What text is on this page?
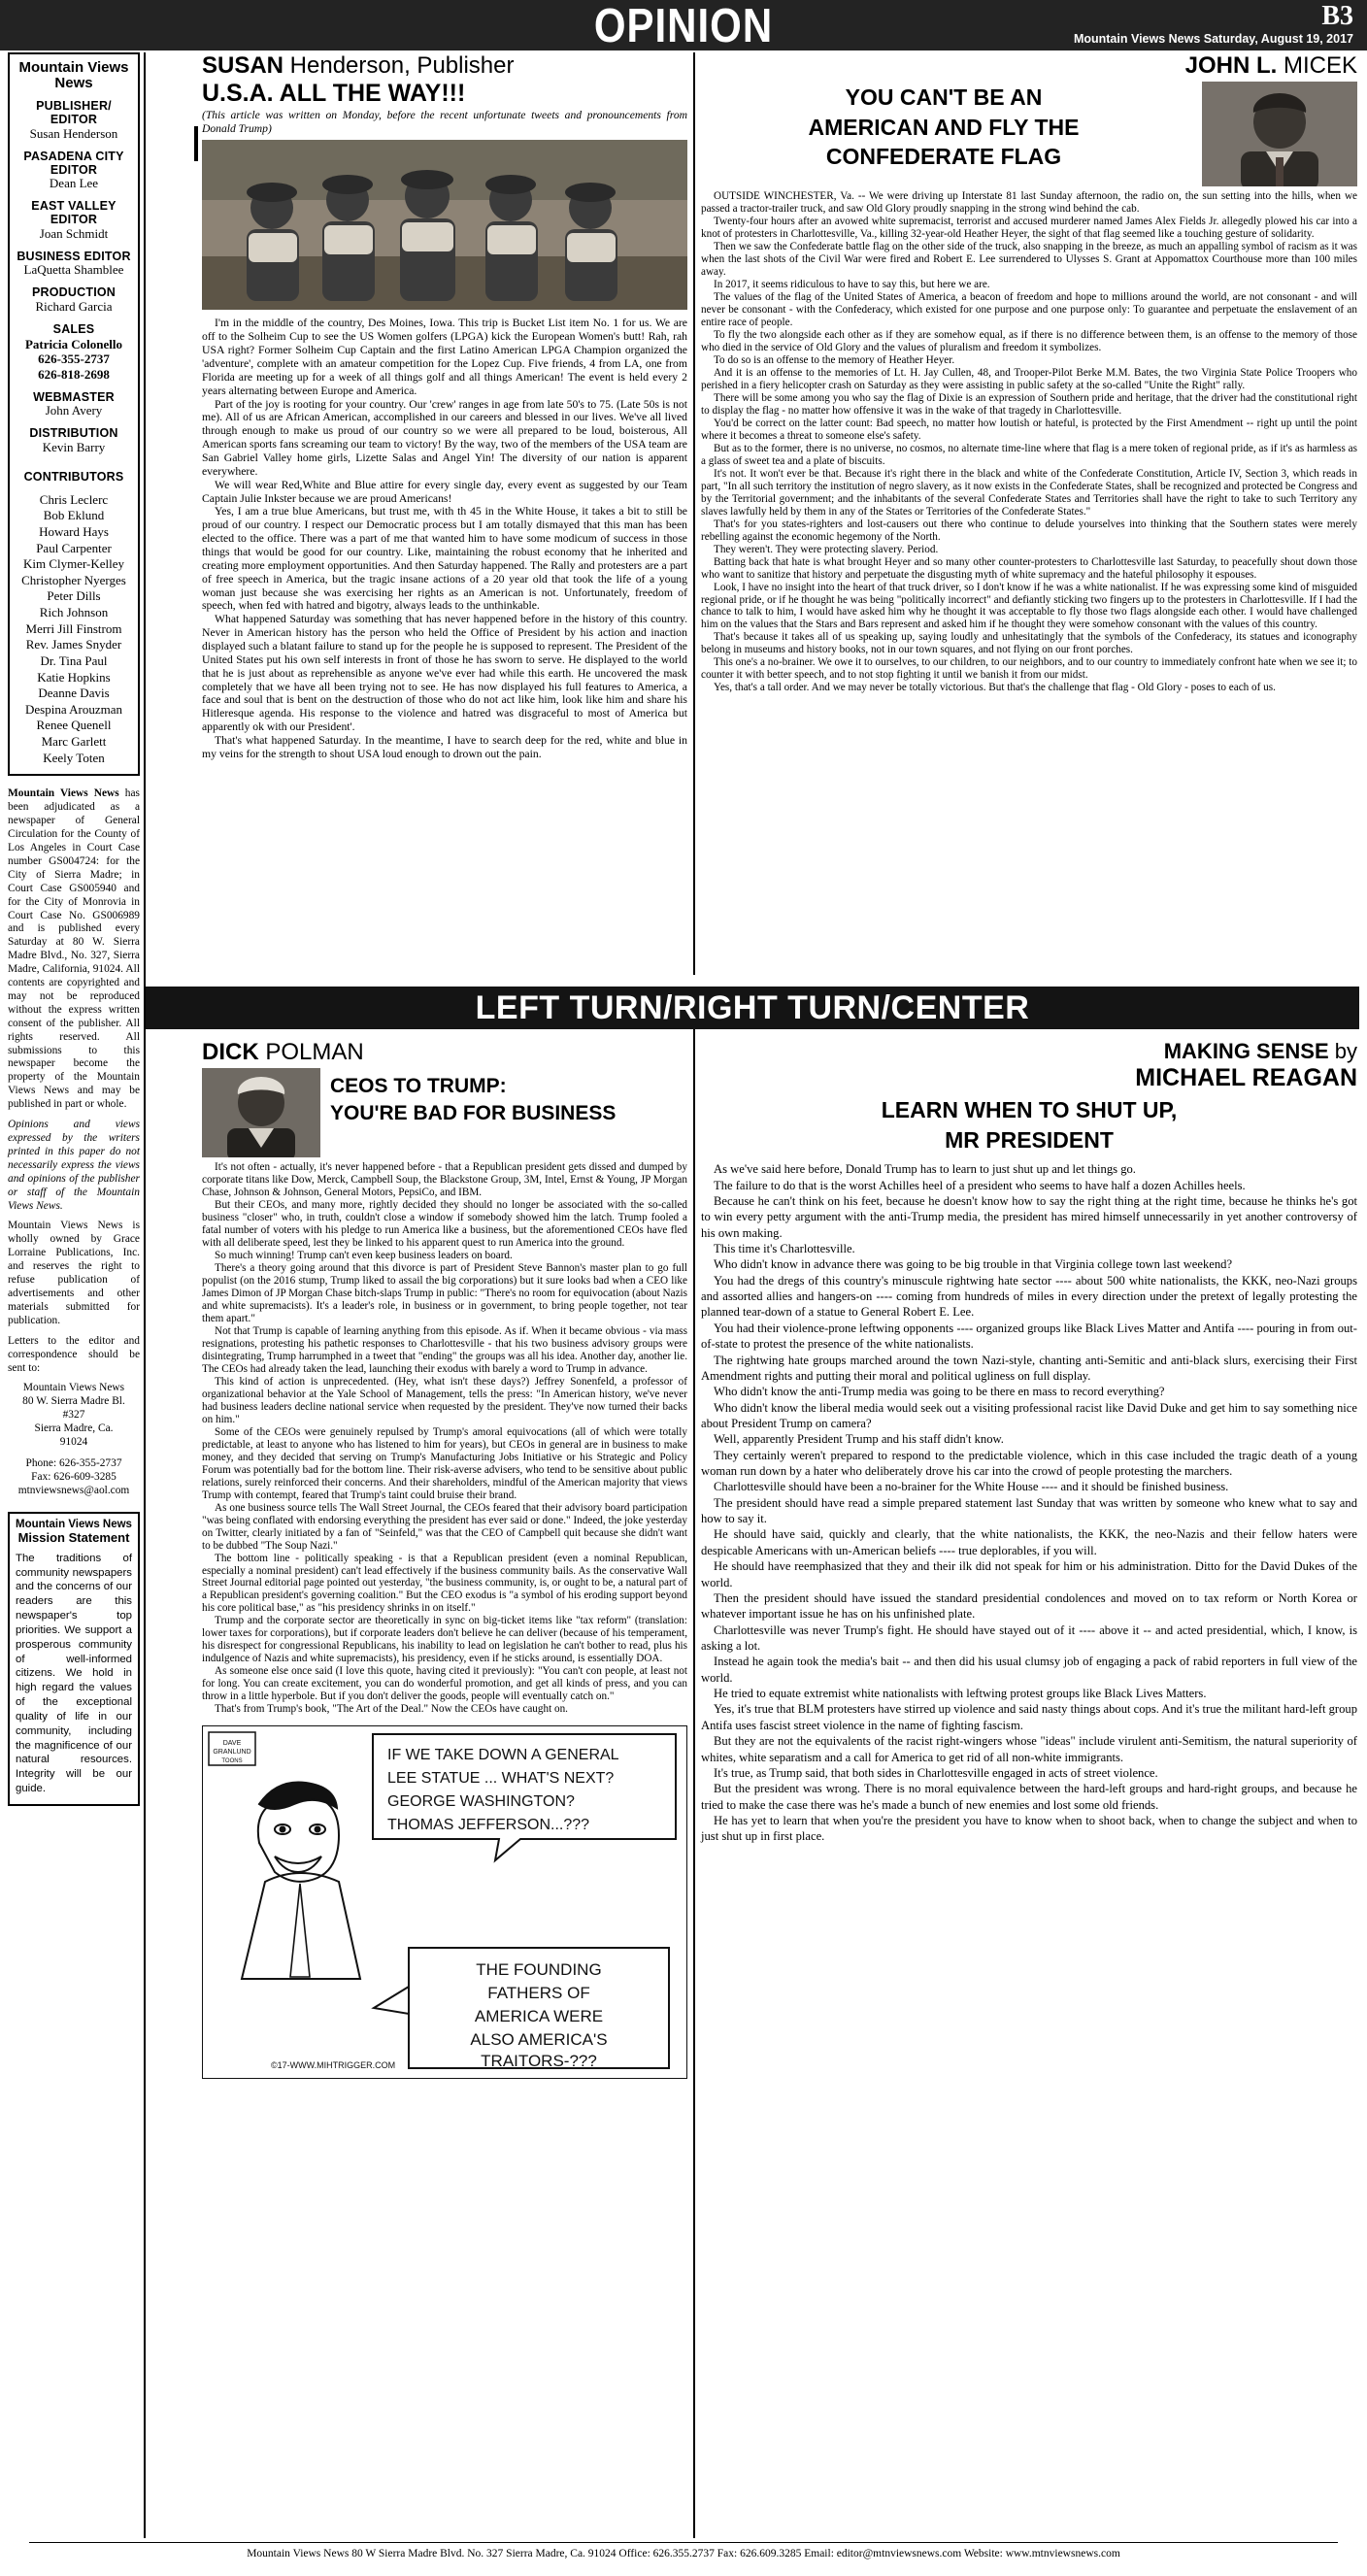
OPINION	B3
Mountain Views News Saturday, August 19, 2017
Mountain Views News
PUBLISHER/ EDITOR
Susan Henderson
PASADENA CITY EDITOR
Dean Lee
EAST VALLEY EDITOR
Joan Schmidt
BUSINESS EDITOR
LaQuetta Shamblee
PRODUCTION
Richard Garcia
SALES
Patricia Colonello
626-355-2737
626-818-2698
WEBMASTER
John Avery
DISTRIBUTION
Kevin Barry
CONTRIBUTORS
Chris Leclerc
Bob Eklund
Howard Hays
Paul Carpenter
Kim Clymer-Kelley
Christopher Nyerges
Peter Dills
Rich Johnson
Merri Jill Finstrom
Rev. James Snyder
Dr. Tina Paul
Katie Hopkins
Deanne Davis
Despina Arouzman
Renee Quenell
Marc Garlett
Keely Toten

Mountain Views News has been adjudicated as a newspaper of General Circulation for the County of Los Angeles in Court Case number GS004724: for the City of Sierra Madre; in Court Case GS005940 and for the City of Monrovia in Court Case No. GS006989 and is published every Saturday at 80 W. Sierra Madre Blvd., No. 327, Sierra Madre, California, 91024. All contents are copyrighted and may not be reproduced without the express written consent of the publisher. All rights reserved. All submissions to this newspaper become the property of the Mountain Views News and may be published in part or whole.

Opinions and views expressed by the writers printed in this paper do not necessarily express the views and opinions of the publisher or staff of the Mountain Views News.

Mountain Views News is wholly owned by Grace Lorraine Publications, Inc. and reserves the right to refuse publication of advertisements and other materials submitted for publication.

Letters to the editor and correspondence should be sent to:

Mountain Views News
80 W. Sierra Madre Bl.
#327
Sierra Madre, Ca.
91024
Phone: 626-355-2737
Fax: 626-609-3285
mtnviewsnews@aol.com
Mountain Views News
Mission Statement
The traditions of community newspapers and the concerns of our readers are this newspaper's top priorities. We support a prosperous community of well-informed citizens. We hold in high regard the values of the exceptional quality of life in our community, including the magnificence of our natural resources. Integrity will be our guide.
SUSAN Henderson, Publisher
U.S.A. ALL THE WAY!!!
(This article was written on Monday, before the recent unfortunate tweets and pronouncements from Donald Trump)

I'm in the middle of the country, Des Moines, Iowa. This trip is Bucket List item No. 1 for us. We are off to the Solheim Cup to see the US Women golfers (LPGA) kick the European Women's butt! Rah, rah USA right? Former Solheim Cup Captain and the first Latino American LPGA Champion organized the 'adventure', complete with an amateur competition for the Lopez Cup. Five friends, 4 from LA, one from Florida are meeting up for a week of all things golf and all things American! The event is held every 2 years alternating between Europe and America.

Part of the joy is rooting for your country. Our 'crew' ranges in age from late 50's to 75. (Late 50s is not me). All of us are African American, accomplished in our careers and blessed in our lives. We've all lived through enough to make us proud of our country so we were all prepared to be loud, boisterous, All American sports fans screaming our team to victory! By the way, two of the members of the USA team are San Gabriel Valley home girls, Lizette Salas and Angel Yin! The diversity of our nation is apparent everywhere.

We will wear Red,White and Blue attire for every single day, every event as suggested by our Team Captain Julie Inkster because we are proud Americans!

Yes, I am a true blue Americans, but trust me, with th 45 in the White House, it takes a bit to still be proud of our country. I respect our Democratic process but I am totally dismayed that this man has been elected to the office. There was a part of me that wanted him to have some modicum of success in those things that would be good for our country. Like, maintaining the robust economy that he inherited and creating more employment opportunities. And then Saturday happened. The Rally and protesters are a part of free speech in America, but the tragic insane actions of a 20 year old that took the life of a young woman just because she was exercising her rights as an American is not. Unfortunately, freedom of speech, when fed with hatred and bigotry, always leads to the unthinkable.

What happened Saturday was something that has never happened before in the history of this country. Never in American history has the person who held the Office of President by his action and inaction displayed such a blatant failure to stand up for the people he is supposed to represent. The President of the United States put his own self interests in front of those he has sworn to serve. He displayed to the world that he is just about as reprehensible as anyone we've ever had while this earth. He uncovered the mask completely that we have all been trying not to see. He has now displayed his full features to America, a face and soul that is bent on the destruction of those who do not act like him, look like him and share his Hitleresque agenda. His response to the violence and hatred was disgraceful to most of America but apparently ok with our President'.

That's what happened Saturday. In the meantime, I have to search deep for the red, white and blue in my veins for the strength to shout USA loud enough to drown out the pain.

JOHN L. MICEK
YOU CAN'T BE AN
AMERICAN AND FLY THE
CONFEDERATE FLAG

OUTSIDE WINCHESTER, Va. -- We were driving up Interstate 81 last Sunday afternoon, the radio on, the sun setting into the hills, when we passed a tractor-trailer truck, and saw Old Glory proudly snapping in the strong wind behind the cab.

Twenty-four hours after an avowed white supremacist, terrorist and accused murderer named James Alex Fields Jr. allegedly plowed his car into a knot of protesters in Charlottesville, Va., killing 32-year-old Heather Heyer, the sight of that flag seemed like a touching gesture of solidarity.

Then we saw the Confederate battle flag on the other side of the truck, also snapping in the breeze, as much an appalling symbol of racism as it was when the last shots of the Civil War were fired and Robert E. Lee surrendered to Ulysses S. Grant at Appomattox Courthouse more than 100 miles away.

In 2017, it seems ridiculous to have to say this, but here we are.

The values of the flag of the United States of America, a beacon of freedom and hope to millions around the world, are not consonant - and will never be consonant - with the Confederacy, which existed for one purpose and one purpose only: To guarantee and perpetuate the enslavement of an entire race of people.

To fly the two alongside each other as if they are somehow equal, as if there is no difference between them, is an offense to the memory of those who died in the service of Old Glory and the values of pluralism and freedom it symbolizes.

To do so is an offense to the memory of Heather Heyer.

And it is an offense to the memories of Lt. H. Jay Cullen, 48, and Trooper-Pilot Berke M.M. Bates, the two Virginia State Police Troopers who perished in a fiery helicopter crash on Saturday as they were assisting in public safety at the so-called "Unite the Right" rally.

There will be some among you who say the flag of Dixie is an expression of Southern pride and heritage, that the driver had the constitutional right to display the flag - no matter how offensive it was in the wake of that tragedy in Charlottesville.

You'd be correct on the latter count: Bad speech, no matter how loutish or hateful, is protected by the First Amendment -- right up until the point where it becomes a threat to someone else's safety.

But as to the former, there is no universe, no cosmos, no alternate time-line where that flag is a mere token of regional pride, as if it's as harmless as a glass of sweet tea and a plate of biscuits.

It's not. It won't ever be that. Because it's right there in the black and white of the Confederate Constitution, Article IV, Section 3, which reads in part, "In all such territory the institution of negro slavery, as it now exists in the Confederate States, shall be recognized and protected be Congress and by the Territorial government; and the inhabitants of the several Confederate States and Territories shall have the right to take to such Territory any slaves lawfully held by them in any of the States or Territories of the Confederate States."

That's for you states-righters and lost-causers out there who continue to delude yourselves into thinking that the Southern states were merely rebelling against the economic hegemony of the North.

They weren't. They were protecting slavery. Period.

Batting back that hate is what brought Heyer and so many other counter-protesters to Charlottesville last Saturday, to peacefully shout down those who want to sanitize that history and perpetuate the disgusting myth of white supremacy and the hateful philosophy it espouses.

Look, I have no insight into the heart of that truck driver, so I don't know if he was a white nationalist. If he was expressing some kind of misguided regional pride, or if he thought he was being "politically incorrect" and defiantly sticking two fingers up to the protesters in Charlottesville. If I had the chance to talk to him, I would have asked him why he thought it was acceptable to fly those two flags alongside each other. I would have challenged him on the values that the Stars and Bars represent and asked him if he thought they were somehow consonant with the values of this country.

That's because it takes all of us speaking up, saying loudly and unhesitatingly that the symbols of the Confederacy, its statues and iconography belong in museums and history books, not in our town squares, and not flying on our front porches.

This one's a no-brainer. We owe it to ourselves, to our children, to our neighbors, and to our country to immediately confront hate when we see it; to counter it with better speech, and to not stop fighting it until we banish it from our midst.

Yes, that's a tall order. And we may never be totally victorious. But that's the challenge that flag - Old Glory - poses to each of us.

LEFT TURN/RIGHT TURN/CENTER
DICK POLMAN
CEOS TO TRUMP:
YOU'RE BAD FOR BUSINESS

It's not often - actually, it's never happened before - that a Republican president gets dissed and dumped by corporate titans like Dow, Merck, Campbell Soup, the Blackstone Group, 3M, Intel, Ernst & Young, JP Morgan Chase, Johnson & Johnson, General Motors, PepsiCo, and IBM.

But their CEOs, and many more, rightly decided they should no longer be associated with the so-called business "closer" who, in truth, couldn't close a window if somebody showed him the latch. Trump fooled a fatal number of voters with his pledge to run America like a business, but the aforementioned CEOs have fled with all deliberate speed, lest they be linked to his apparent quest to run America into the ground.

So much winning! Trump can't even keep business leaders on board.

There's a theory going around that this divorce is part of President Steve Bannon's master plan to go full populist (on the 2016 stump, Trump liked to assail the big corporations) but it sure looks bad when a CEO like James Dimon of JP Morgan Chase bitch-slaps Trump in public: "There's no room for equivocation (about Nazis and white supremacists). It's a leader's role, in business or in government, to bring people together, not tear them apart."

Not that Trump is capable of learning anything from this episode. As if. When it became obvious - via mass resignations, protesting his pathetic responses to Charlottesville - that his two business advisory groups were disintegrating, Trump harrumphed in a tweet that "ending" the groups was all his idea. Another day, another lie. The CEOs had already taken the lead, launching their exodus with barely a word to Trump in advance.

This kind of action is unprecedented. (Hey, what isn't these days?) Jeffrey Sonenfeld, a professor of organizational behavior at the Yale School of Management, tells the press: "In American history, we've never had business leaders decline national service when requested by the president. They've now turned their backs on him."

Some of the CEOs were genuinely repulsed by Trump's amoral equivocations (all of which were totally predictable, at least to anyone who has listened to him for years), but CEOs in general are in business to make money, and they decided that serving on Trump's Manufacturing Jobs Initiative or his Strategic and Policy Forum was potentially bad for the bottom line. Their risk-averse advisers, who tend to be sensitive about public relations, surely reinforced their concerns. And their shareholders, mindful of the American majority that views Trump with contempt, feared that Trump's taint could bruise their brand.

As one business source tells The Wall Street Journal, the CEOs feared that their advisory board participation "was being conflated with endorsing everything the president has ever said or done." Indeed, the joke yesterday on Twitter, clearly initiated by a fan of "Seinfeld," was that the CEO of Campbell quit because she didn't want to be dubbed "The Soup Nazi."

The bottom line - politically speaking - is that a Republican president (even a nominal Republican, especially a nominal president) can't lead effectively if the business community bails. As the conservative Wall Street Journal editorial page pointed out yesterday, "the business community, is, or ought to be, a natural part of a Republican president's governing coalition." But the CEO exodus is "a symbol of his eroding support beyond his core political base," as "his presidency shrinks in on itself."

Trump and the corporate sector are theoretically in sync on big-ticket items like "tax reform" (translation: lower taxes for corporations), but if corporate leaders don't believe he can deliver (because of his temperament, his disrespect for congressional Republicans, his inability to lead on legislation he can't bother to read, plus his indulgence of Nazis and white supremacists), his presidency, even if he sticks around, is essentially DOA.

As someone else once said (I love this quote, having cited it previously): "You can't con people, at least not for long. You can create excitement, you can do wonderful promotion, and get all kinds of press, and you can throw in a little hyperbole. But if you don't deliver the goods, people will eventually catch on."

That's from Trump's book, "The Art of the Deal." Now the CEOs have caught on.

DAVE
GRANLUND
TOONS	IF WE TAKE DOWN A GENERAL
LEE STATUE ... WHAT'S NEXT?
GEORGE WASHINGTON?
THOMAS JEFFERSON...???
THE FOUNDING
FATHERS OF
AMERICA WERE
ALSO AMERICA'S
TRAITORS-???
©17-WWW.MIHTRIGGER.COM
MAKING SENSE by
MICHAEL REAGAN
LEARN WHEN TO SHUT UP,
MR PRESIDENT

As we've said here before, Donald Trump has to learn to just shut up and let things go.

The failure to do that is the worst Achilles heel of a president who seems to have half a dozen Achilles heels.

Because he can't think on his feet, because he doesn't know how to say the right thing at the right time, because he thinks he's got to win every petty argument with the anti-Trump media, the president has mired himself unnecessarily in yet another controversy of his own making.

This time it's Charlottesville.

Who didn't know in advance there was going to be big trouble in that Virginia college town last weekend?

You had the dregs of this country's minuscule rightwing hate sector ---- about 500 white nationalists, the KKK, neo-Nazi groups and assorted allies and hangers-on ---- coming from hundreds of miles in every direction under the pretext of legally protesting the planned tear-down of a statue to General Robert E. Lee.

You had their violence-prone leftwing opponents ---- organized groups like Black Lives Matter and Antifa ---- pouring in from out-of-state to protest the presence of the white nationalists.

The rightwing hate groups marched around the town Nazi-style, chanting anti-Semitic and anti-black slurs, exercising their First Amendment rights and putting their moral and political ugliness on full display.

Who didn't know the anti-Trump media was going to be there en mass to record everything?

Who didn't know the liberal media would seek out a visiting professional racist like David Duke and get him to say something nice about President Trump on camera?

Well, apparently President Trump and his staff didn't know.

They certainly weren't prepared to respond to the predictable violence, which in this case included the tragic death of a young woman run down by a hater who deliberately drove his car into the crowd of people protesting the marchers.

Charlottesville should have been a no-brainer for the White House ---- and it should be finished business.

The president should have read a simple prepared statement last Sunday that was written by someone who knew what to say and how to say it.

He should have said, quickly and clearly, that the white nationalists, the KKK, the neo-Nazis and their fellow haters were despicable Americans with un-American beliefs ---- true deplorables, if you will.

He should have reemphasized that they and their ilk did not speak for him or his administration. Ditto for the David Dukes of the world.

Then the president should have issued the standard presidential condolences and moved on to tax reform or North Korea or whatever important issue he has on his unfinished plate.

Charlottesville was never Trump's fight. He should have stayed out of it ---- above it -- and acted presidential, which, I know, is asking a lot.

Instead he again took the media's bait -- and then did his usual clumsy job of engaging a pack of rabid reporters in full view of the world.

He tried to equate extremist white nationalists with leftwing protest groups like Black Lives Matters.

Yes, it's true that BLM protesters have stirred up violence and said nasty things about cops. And it's true the militant hard-left group Antifa uses fascist street violence in the name of fighting fascism.

But they are not the equivalents of the racist right-wingers whose "ideas" include virulent anti-Semitism, the natural superiority of whites, white separatism and a call for America to get rid of all non-white immigrants.

It's true, as Trump said, that both sides in Charlottesville engaged in acts of street violence.

But the president was wrong. There is no moral equivalence between the hard-left groups and hard-right groups, and because he tried to make the case there was he's made a bunch of new enemies and lost some old friends.

He has yet to learn that when you're the president you have to know when to shoot back, when to change the subject and when to just shut up in first place.

Mountain Views News 80 W Sierra Madre Blvd. No. 327 Sierra Madre, Ca. 91024 Office: 626.355.2737 Fax: 626.609.3285 Email: editor@mtnviewsnews.com Website: www.mtnviewsnews.com
